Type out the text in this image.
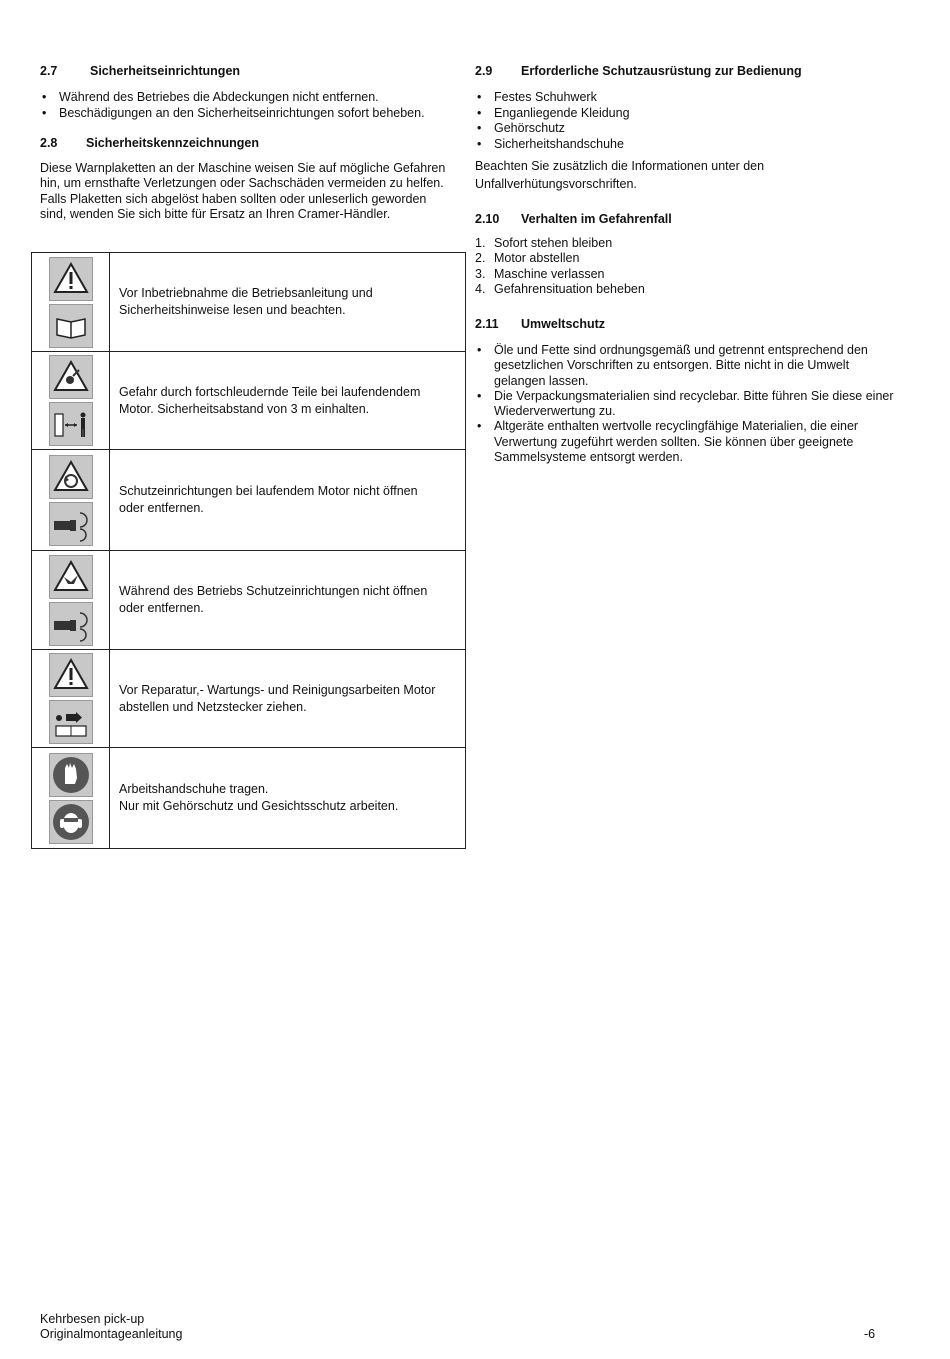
2.7	Sicherheitseinrichtungen
• Während des Betriebes die Abdeckungen nicht entfernen.
• Beschädigungen an den Sicherheitseinrichtungen sofort beheben.
2.8 Sicherheitskennzeichnungen

Diese Warnplaketten an der Maschine weisen Sie auf mögliche Gefahren hin, um ernsthafte Verletzungen oder Sachschäden vermeiden zu helfen. Falls Plaketten sich abgelöst haben sollten oder unleserlich geworden sind, wenden Sie sich bitte für Ersatz an Ihren Cramer-Händler.

Vor Inbetriebnahme die Betriebsanleitung und
Sicherheitshinweise lesen und beachten.

Gefahr durch fortschleudernde Teile bei laufendendem
Motor. Sicherheitsabstand von 3 m einhalten.

Schutzeinrichtungen bei laufendem Motor nicht öffnen
oder entfernen.

Während des Betriebs Schutzeinrichtungen nicht öffnen
oder entfernen.

Vor Reparatur,- Wartungs- und Reinigungsarbeiten Motor
abstellen und Netzstecker ziehen.

Arbeitshandschuhe tragen.
Nur mit Gehörschutz und Gesichtsschutz arbeiten.
2.9 Erforderliche Schutzausrüstung zur Bedienung
• Festes Schuhwerk
• Enganliegende Kleidung
• Gehörschutz
• Sicherheitshandschuhe
Beachten Sie zusätzlich die Informationen unter den
Unfallverhütungsvorschriften.
2.10 Verhalten im Gefahrenfall
1. Sofort stehen bleiben
2. Motor abstellen
3. Maschine verlassen
4. Gefahrensituation beheben
2.11 Umweltschutz
• Öle und Fette sind ordnungsgemäß und getrennt entsprechend den gesetzlichen Vorschriften zu entsorgen. Bitte nicht in die Umwelt gelangen lassen.
• Die Verpackungsmaterialien sind recyclebar. Bitte führen Sie diese einer Wiederverwertung zu.
• Altgeräte enthalten wertvolle recyclingfähige Materialien, die einer Verwertung zugeführt werden sollten. Sie können über geeignete Sammelsysteme entsorgt werden.
Kehrbesen pick-up
Originalmontageanleitung	-6
